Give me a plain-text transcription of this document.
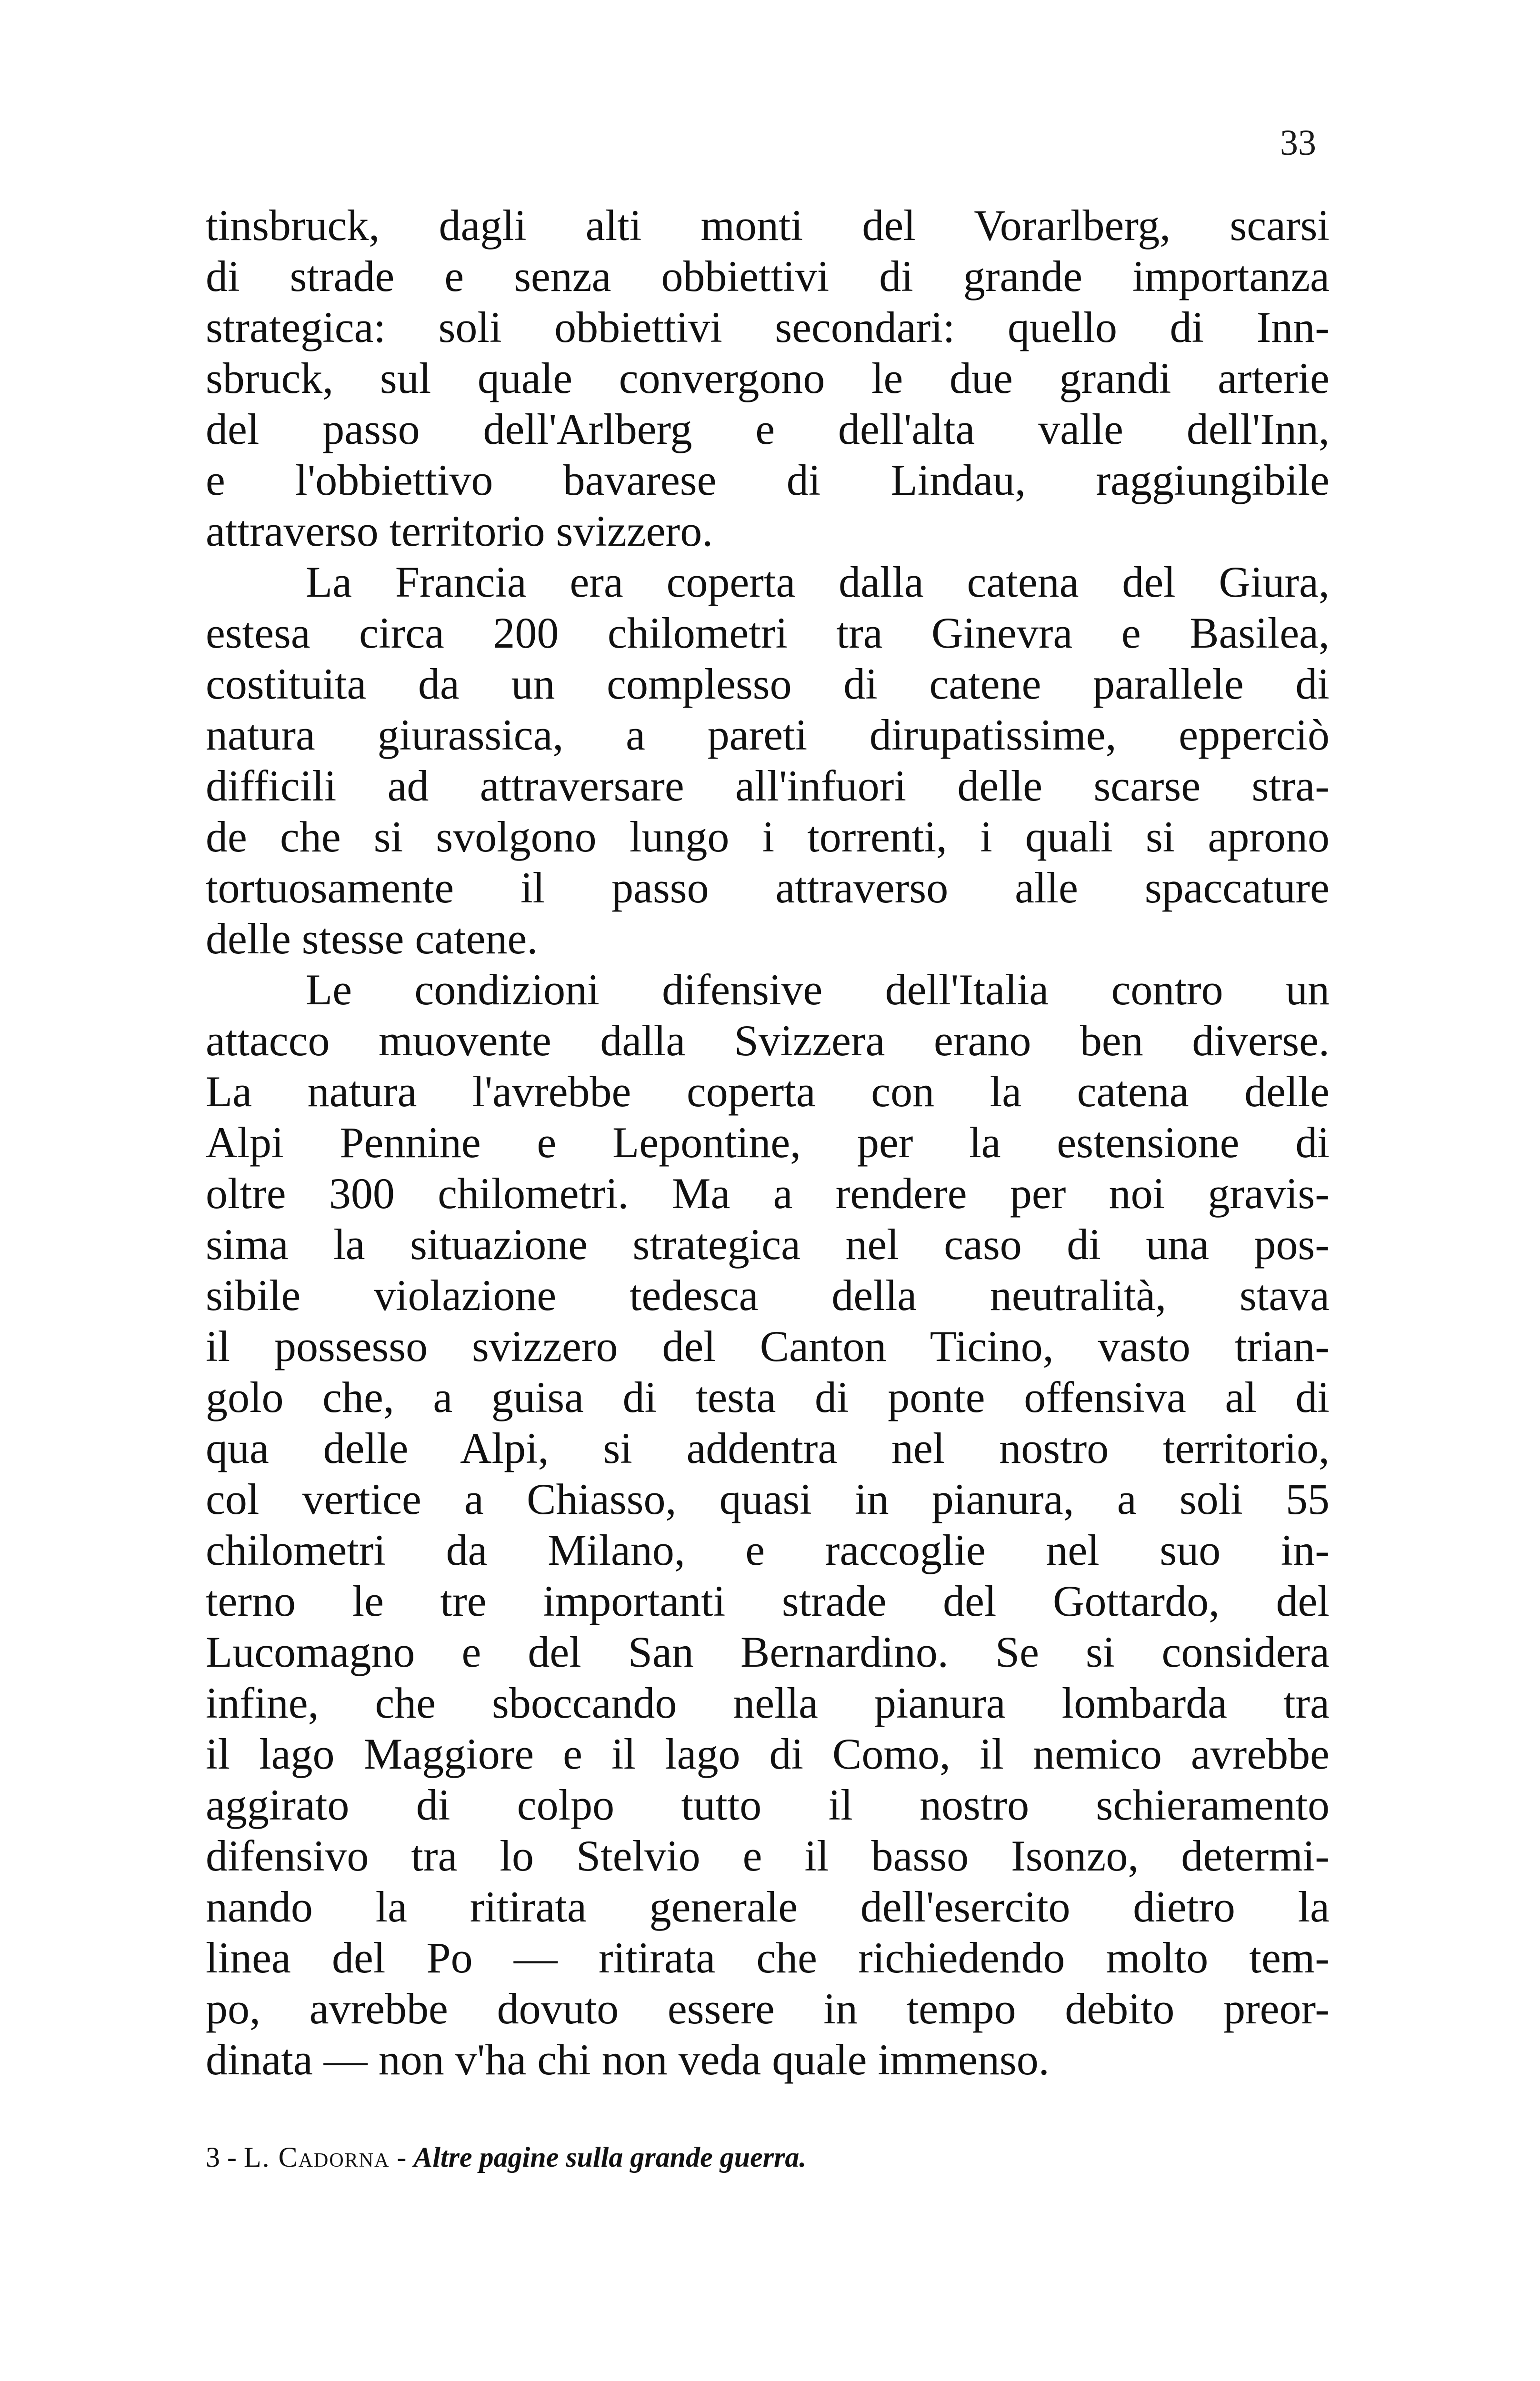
33
tinsbruck, dagli alti monti del Vorarlberg, scarsi
di strade e senza obbiettivi di grande importanza
strategica: soli obbiettivi secondari: quello di Inn-
sbruck, sul quale convergono le due grandi arterie
del passo dell'Arlberg e dell'alta valle dell'Inn,
e l'obbiettivo bavarese di Lindau, raggiungibile
attraverso territorio svizzero.
La Francia era coperta dalla catena del Giura,
estesa circa 200 chilometri tra Ginevra e Basilea,
costituita da un complesso di catene parallele di
natura giurassica, a pareti dirupatissime, epperciò
difficili ad attraversare all'infuori delle scarse stra-
de che si svolgono lungo i torrenti, i quali si aprono
tortuosamente il passo attraverso alle spaccature
delle stesse catene.
Le condizioni difensive dell'Italia contro un
attacco muovente dalla Svizzera erano ben diverse.
La natura l'avrebbe coperta con la catena delle
Alpi Pennine e Lepontine, per la estensione di
oltre 300 chilometri. Ma a rendere per noi gravis-
sima la situazione strategica nel caso di una pos-
sibile violazione tedesca della neutralità, stava
il possesso svizzero del Canton Ticino, vasto trian-
golo che, a guisa di testa di ponte offensiva al di
qua delle Alpi, si addentra nel nostro territorio,
col vertice a Chiasso, quasi in pianura, a soli 55
chilometri da Milano, e raccoglie nel suo in-
terno le tre importanti strade del Gottardo, del
Lucomagno e del San Bernardino. Se si considera
infine, che sboccando nella pianura lombarda tra
il lago Maggiore e il lago di Como, il nemico avrebbe
aggirato di colpo tutto il nostro schieramento
difensivo tra lo Stelvio e il basso Isonzo, determi-
nando la ritirata generale dell'esercito dietro la
linea del Po — ritirata che richiedendo molto tem-
po, avrebbe dovuto essere in tempo debito preor-
dinata — non v'ha chi non veda quale immenso.
3 - L. Cadorna - Altre pagine sulla grande guerra.
